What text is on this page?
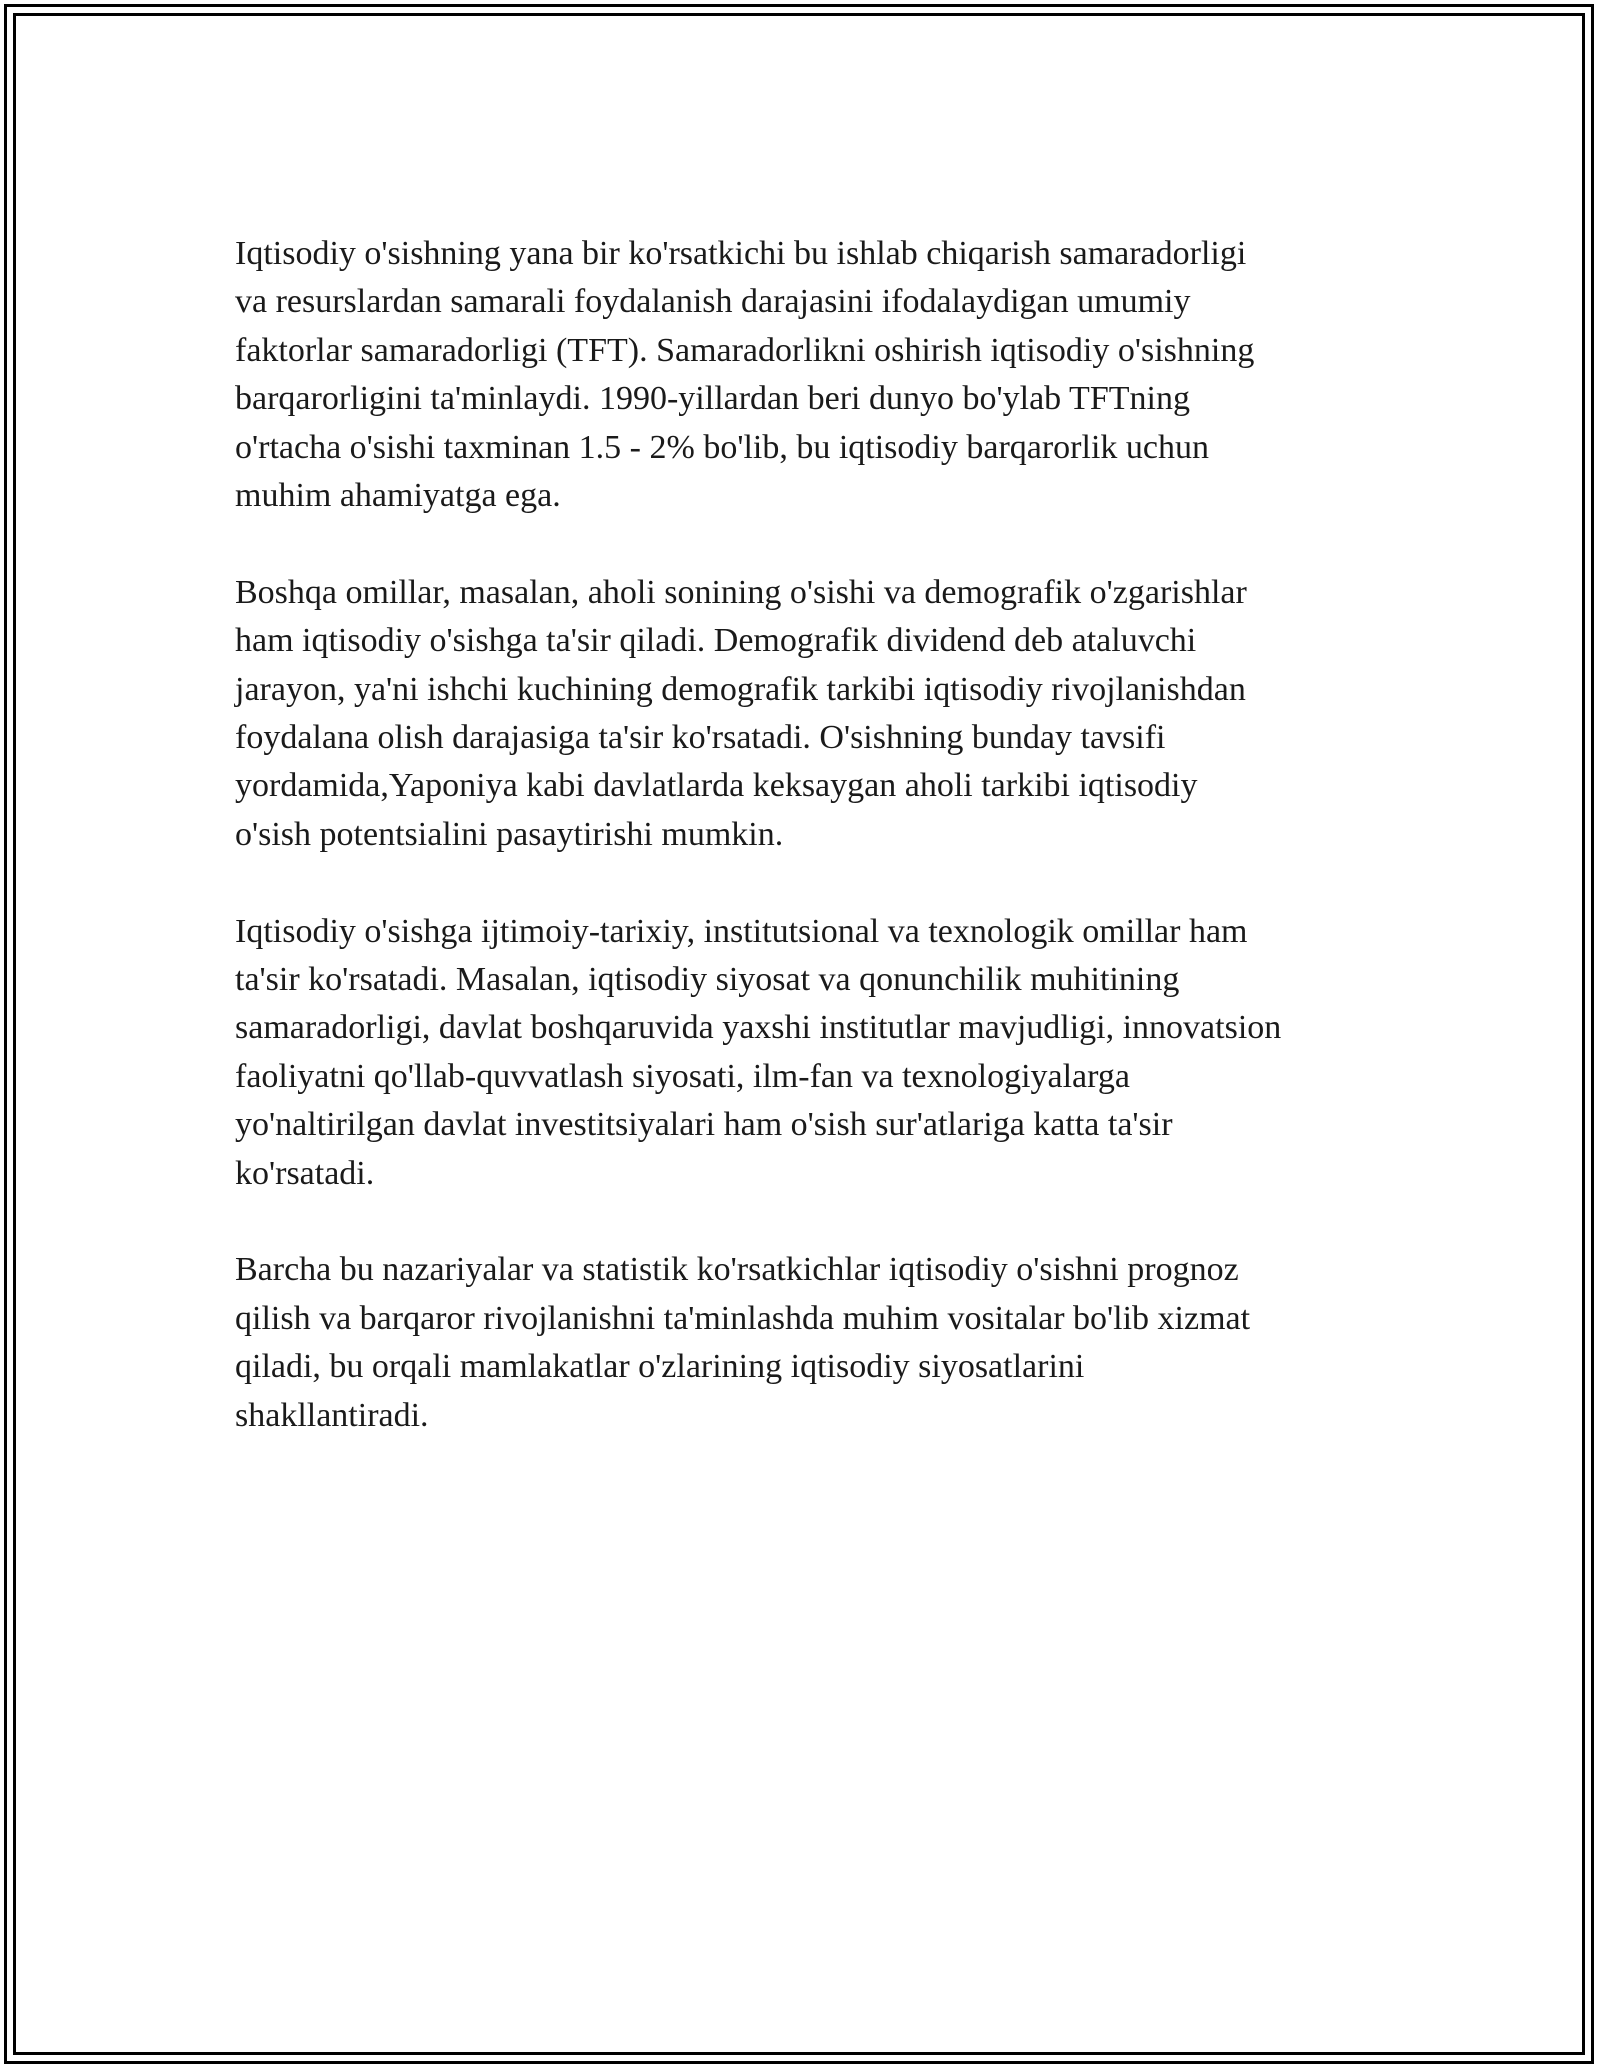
Iqtisodiy o'sishning yana bir ko'rsatkichi bu ishlab chiqarish samaradorligi
va resurslardan samarali foydalanish darajasini ifodalaydigan umumiy
faktorlar samaradorligi (TFT). Samaradorlikni oshirish iqtisodiy o'sishning
barqarorligini ta'minlaydi. 1990-yillardan beri dunyo bo'ylab TFTning
o'rtacha o'sishi taxminan 1.5 - 2% bo'lib, bu iqtisodiy barqarorlik uchun
muhim ahamiyatga ega.

Boshqa omillar, masalan, aholi sonining o'sishi va demografik o'zgarishlar
ham iqtisodiy o'sishga ta'sir qiladi. Demografik dividend deb ataluvchi
jarayon, ya'ni ishchi kuchining demografik tarkibi iqtisodiy rivojlanishdan
foydalana olish darajasiga ta'sir ko'rsatadi. O'sishning bunday tavsifi
yordamida,Yaponiya kabi davlatlarda keksaygan aholi tarkibi iqtisodiy
o'sish potentsialini pasaytirishi mumkin.

Iqtisodiy o'sishga ijtimoiy-tarixiy, institutsional va texnologik omillar ham
ta'sir ko'rsatadi. Masalan, iqtisodiy siyosat va qonunchilik muhitining
samaradorligi, davlat boshqaruvida yaxshi institutlar mavjudligi, innovatsion
faoliyatni qo'llab-quvvatlash siyosati, ilm-fan va texnologiyalarga
yo'naltirilgan davlat investitsiyalari ham o'sish sur'atlariga katta ta'sir
ko'rsatadi.

Barcha bu nazariyalar va statistik ko'rsatkichlar iqtisodiy o'sishni prognoz
qilish va barqaror rivojlanishni ta'minlashda muhim vositalar bo'lib xizmat
qiladi, bu orqali mamlakatlar o'zlarining iqtisodiy siyosatlarini
shakllantiradi.
